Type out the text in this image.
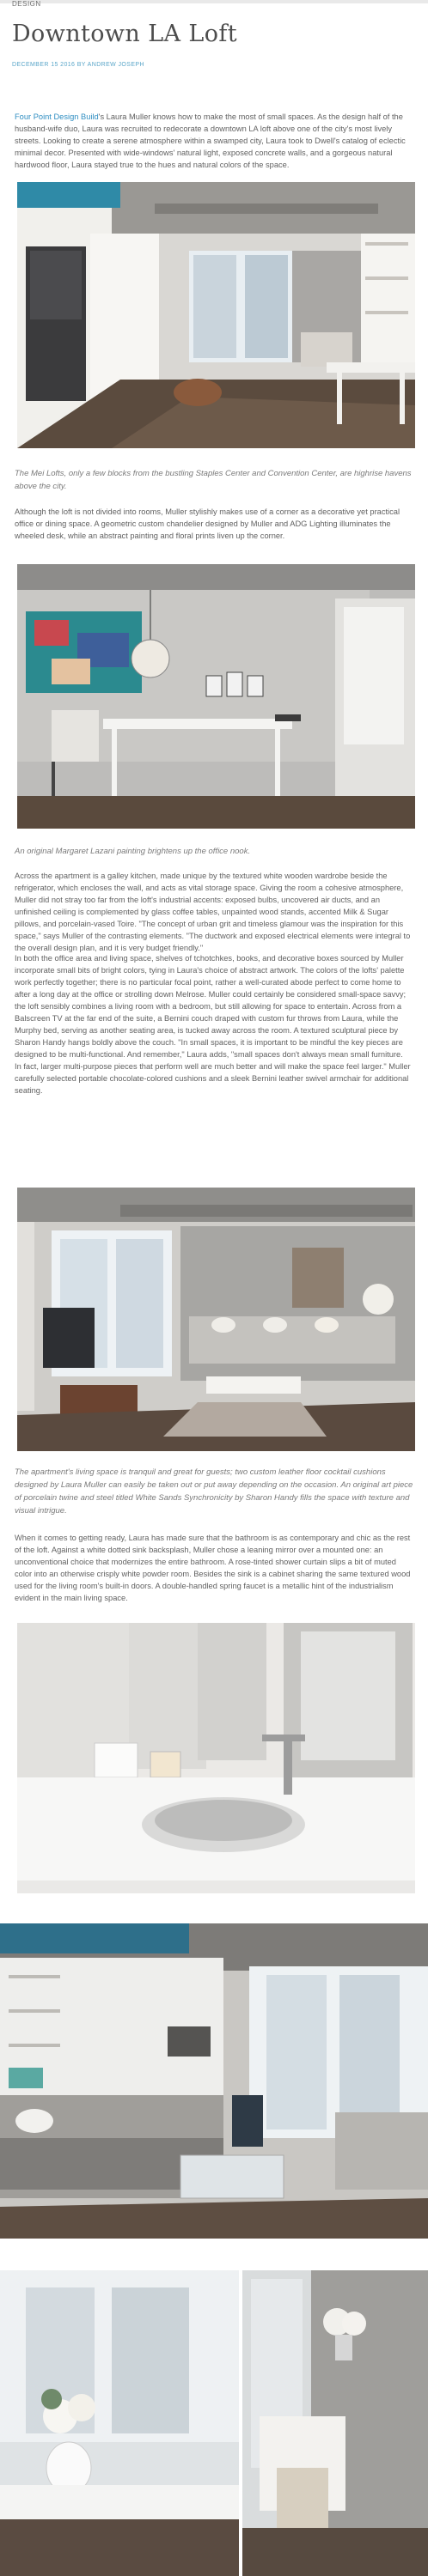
DESIGN
Downtown LA Loft
DECEMBER 15 2016 BY ANDREW JOSEPH

Four Point Design Build's Laura Muller knows how to make the most of small spaces. As the design half of the husband-wife duo, Laura was recruited to redecorate a downtown LA loft above one of the city's most lively streets. Looking to create a serene atmosphere within a swamped city, Laura took to Dwell's catalog of eclectic minimal decor. Presented with wide-windows' natural light, exposed concrete walls, and a gorgeous natural hardwood floor, Laura stayed true to the hues and natural colors of the space.

The Mei Lofts, only a few blocks from the bustling Staples Center and Convention Center, are highrise havens above the city.

Although the loft is not divided into rooms, Muller stylishly makes use of a corner as a decorative yet practical office or dining space. A geometric custom chandelier designed by Muller and ADG Lighting illuminates the wheeled desk, while an abstract painting and floral prints liven up the corner.

An original Margaret Lazani painting brightens up the office nook.

Across the apartment is a galley kitchen, made unique by the textured white wooden wardrobe beside the refrigerator, which encloses the wall, and acts as vital storage space. Giving the room a cohesive atmosphere, Muller did not stray too far from the loft's industrial accents: exposed bulbs, uncovered air ducts, and an unfinished ceiling is complemented by glass coffee tables, unpainted wood stands, accented Milk & Sugar pillows, and porcelain-vased Toire. "The concept of urban grit and timeless glamour was the inspiration for this space," says Muller of the contrasting elements. "The ductwork and exposed electrical elements were integral to the overall design plan, and it is very budget friendly."

In both the office area and living space, shelves of tchotchkes, books, and decorative boxes sourced by Muller incorporate small bits of bright colors, tying in Laura's choice of abstract artwork. The colors of the lofts' palette work perfectly together; there is no particular focal point, rather a well-curated abode perfect to come home to after a long day at the office or strolling down Melrose. Muller could certainly be considered small-space savvy; the loft sensibly combines a living room with a bedroom, but still allowing for space to entertain. Across from a Balscreen TV at the far end of the suite, a Bernini couch draped with custom fur throws from Laura, while the Murphy bed, serving as another seating area, is tucked away across the room. A textured sculptural piece by Sharon Handy hangs boldly above the couch. "In small spaces, it is important to be mindful the key pieces are designed to be multi-functional. And remember," Laura adds, "small spaces don't always mean small furniture. In fact, larger multi-purpose pieces that perform well are much better and will make the space feel larger." Muller carefully selected portable chocolate-colored cushions and a sleek Bernini leather swivel armchair for additional seating.

The apartment's living space is tranquil and great for guests; two custom leather floor cocktail cushions designed by Laura Muller can easily be taken out or put away depending on the occasion. An original art piece of porcelain twine and steel titled White Sands Synchronicity by Sharon Handy fills the space with texture and visual intrigue.

When it comes to getting ready, Laura has made sure that the bathroom is as contemporary and chic as the rest of the loft. Against a white dotted sink backsplash, Muller chose a leaning mirror over a mounted one: an unconventional choice that modernizes the entire bathroom. A rose-tinted shower curtain slips a bit of muted color into an otherwise crisply white powder room. Besides the sink is a cabinet sharing the same textured wood used for the living room's built-in doors. A double-handled spring faucet is a metallic hint of the industrialism evident in the main living space.
